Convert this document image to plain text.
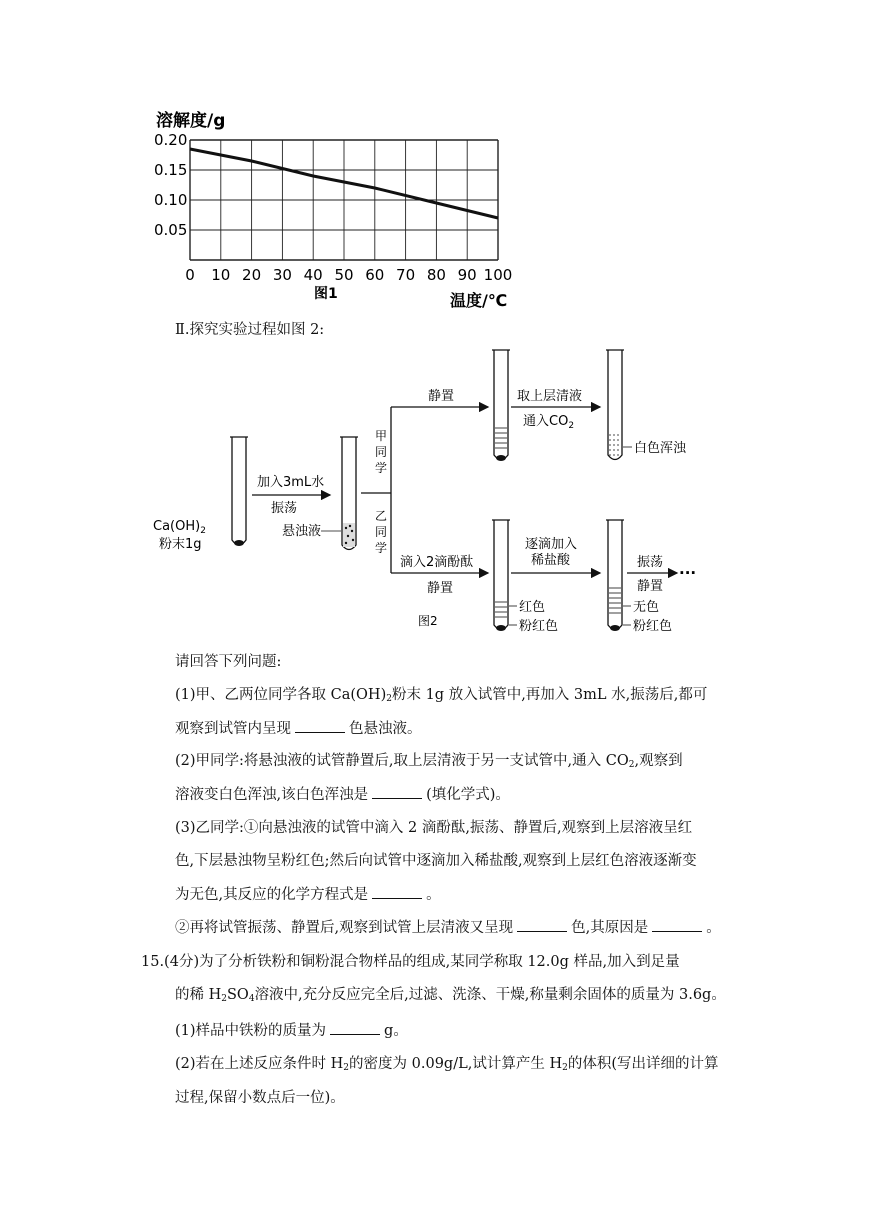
溶解度/g
0.20
0.15
0.10
0.05
0 10 20 30 40 50 60 70 80 90 100
图1	温度/℃
Ⅱ.探究实验过程如图 2:
$Ca(OH)_2$
粉末1g
加入3mL水
振荡
悬浊液
甲同学
乙同学
静置	取上层清液
通入$CO_2$
白色浑浊
滴入2滴酚酞
静置
红色
粉红色
逐滴加入
稀盐酸
无色
粉红色
振荡
静置
···
图2
请回答下列问题:
(1)甲、乙两位同学各取 $Ca(OH)_2$粉末 1g 放入试管中,再加入 3mL 水,振荡后,都可
观察到试管内呈现	色悬浊液。
(2)甲同学:将悬浊液的试管静置后,取上层清液于另一支试管中,通入 $CO_2$,观察到
溶液变白色浑浊,该白色浑浊是	(填化学式)。
(3)乙同学:①向悬浊液的试管中滴入 2 滴酚酞,振荡、静置后,观察到上层溶液呈红
色,下层悬浊物呈粉红色;然后向试管中逐滴加入稀盐酸,观察到上层红色溶液逐渐变
为无色,其反应的化学方程式是	。
②再将试管振荡、静置后,观察到试管上层清液又呈现	色,其原因是	。
15.(4分)为了分析铁粉和铜粉混合物样品的组成,某同学称取 12.0g 样品,加入到足量
的稀 $H_2SO_4$溶液中,充分反应完全后,过滤、洗涤、干燥,称量剩余固体的质量为 3.6g。
(1)样品中铁粉的质量为	g。
(2)若在上述反应条件时 $H_2$的密度为 0.09g/L,试计算产生 $H_2$的体积(写出详细的计算
过程,保留小数点后一位)。
